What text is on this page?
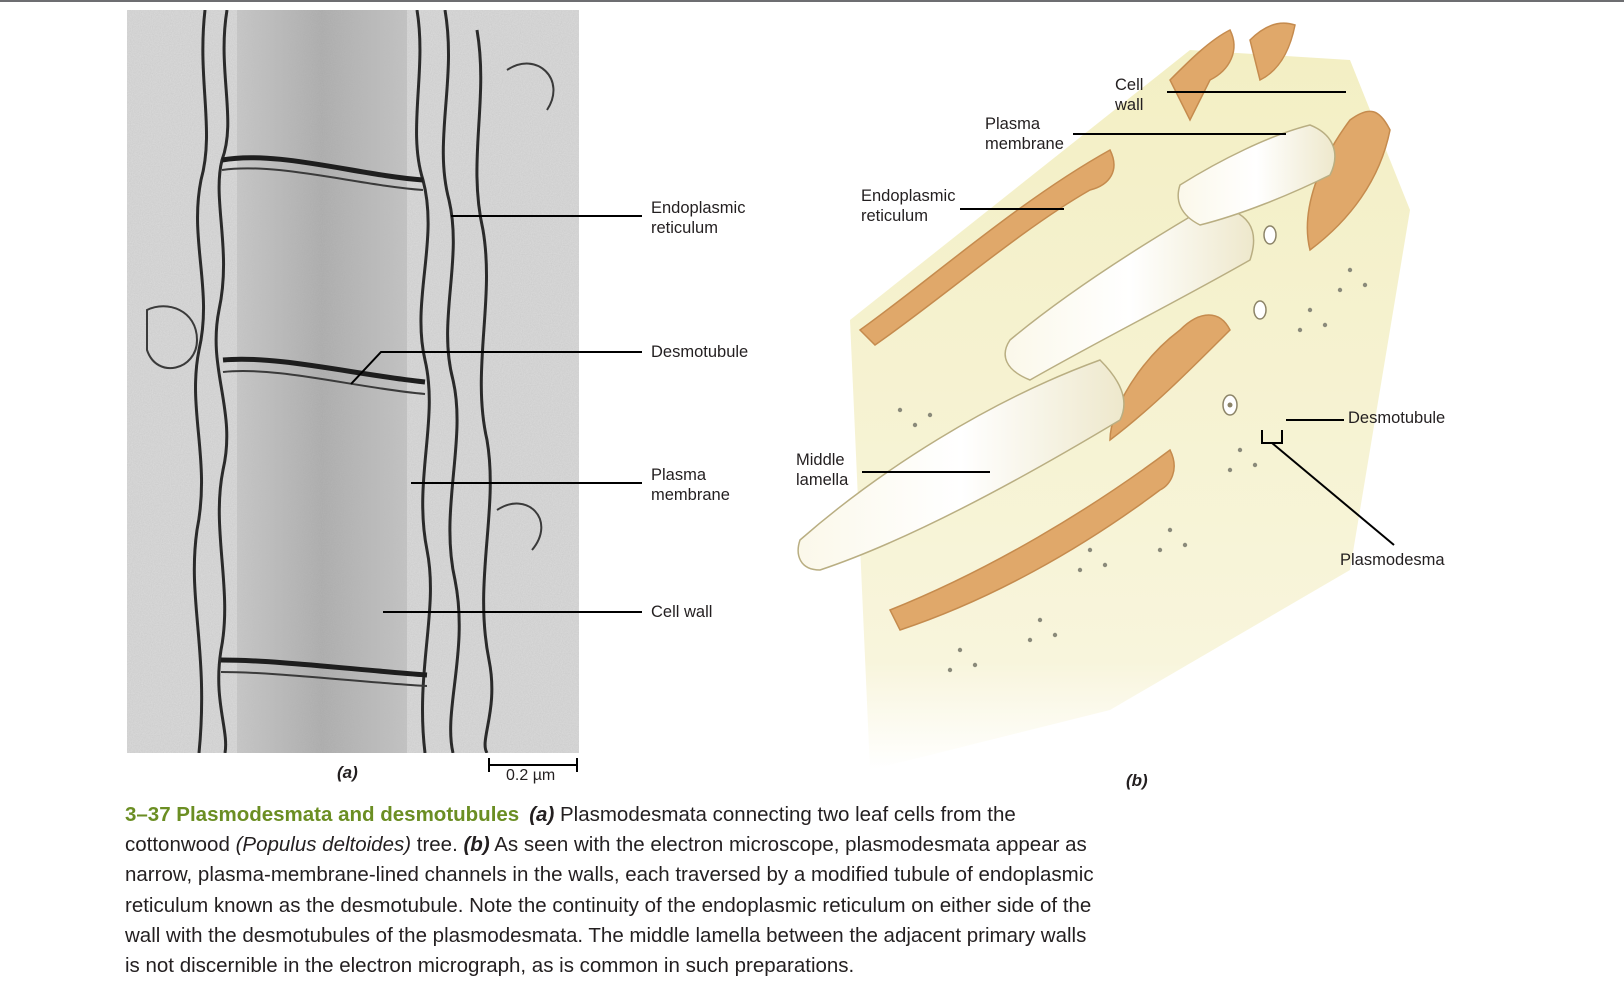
Endoplasmic
reticulum
Desmotubule
Plasma
membrane
Cell wall
(a)	0.2 µm
Cell
wall
Plasma
membrane
Endoplasmic
reticulum
Middle
lamella
Desmotubule
Plasmodesma
(b)
3–37 Plasmodesmata and desmotubules (a) Plasmodesmata connecting two leaf cells from the cottonwood (Populus deltoides) tree. (b) As seen with the electron microscope, plasmodesmata appear as narrow, plasma-membrane-lined channels in the walls, each traversed by a modified tubule of endoplasmic reticulum known as the desmotubule. Note the continuity of the endoplasmic reticulum on either side of the wall with the desmotubules of the plasmodesmata. The middle lamella between the adjacent primary walls is not discernible in the electron micrograph, as is common in such preparations.
